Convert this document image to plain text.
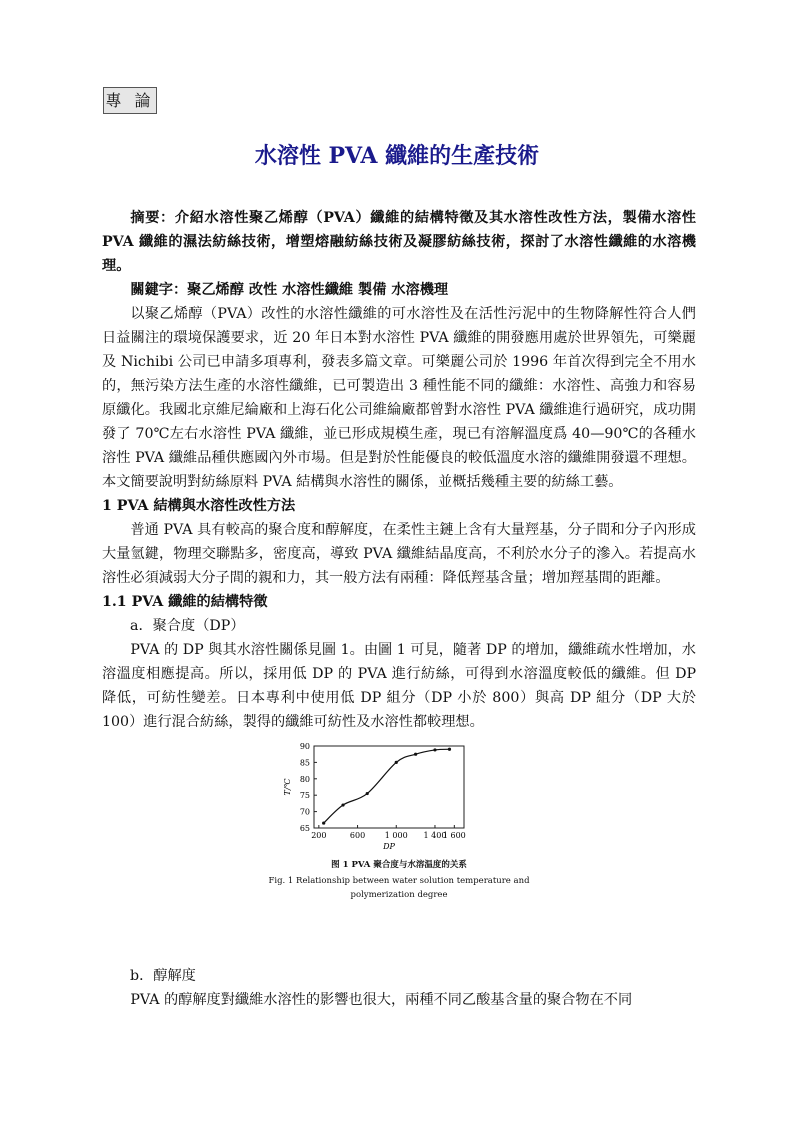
專 論
水溶性 PVA 纖維的生產技術

摘要：介紹水溶性聚乙烯醇（PVA）纖維的結構特徵及其水溶性改性方法，製備水溶性 PVA 纖維的濕法紡絲技術，增塑熔融紡絲技術及凝膠紡絲技術，探討了水溶性纖維的水溶機理。

關鍵字：聚乙烯醇 改性 水溶性纖維 製備 水溶機理

以聚乙烯醇（PVA）改性的水溶性纖維的可水溶性及在活性污泥中的生物降解性符合人們日益關注的環境保護要求，近 20 年日本對水溶性 PVA 纖維的開發應用處於世界領先，可樂麗及 Nichibi 公司已申請多項專利，發表多篇文章。可樂麗公司於 1996 年首次得到完全不用水的，無污染方法生產的水溶性纖維，已可製造出 3 種性能不同的纖維：水溶性、高強力和容易原纖化。我國北京維尼綸廠和上海石化公司維綸廠都曾對水溶性 PVA 纖維進行過研究，成功開發了 70℃左右水溶性 PVA 纖維，並已形成規模生產，現已有溶解溫度爲 40—90℃的各種水溶性 PVA 纖維品種供應國內外市場。但是對於性能優良的較低溫度水溶的纖維開發還不理想。本文簡要說明對紡絲原料 PVA 結構與水溶性的關係，並概括幾種主要的紡絲工藝。

1 PVA 結構與水溶性改性方法

普通 PVA 具有較高的聚合度和醇解度，在柔性主鏈上含有大量羥基，分子間和分子內形成大量氫鍵，物理交聯點多，密度高，導致 PVA 纖維結晶度高，不利於水分子的滲入。若提高水溶性必須減弱大分子間的親和力，其一般方法有兩種：降低羥基含量；增加羥基間的距離。

1.1 PVA 纖維的結構特徵

a．聚合度（DP）

PVA 的 DP 與其水溶性關係見圖 1。由圖 1 可見，隨著 DP 的增加，纖維疏水性增加，水溶溫度相應提高。所以，採用低 DP 的 PVA 進行紡絲，可得到水溶溫度較低的纖維。但 DP 降低，可紡性變差。日本專利中使用低 DP 組分（DP 小於 800）與高 DP 組分（DP 大於 100）進行混合紡絲，製得的纖維可紡性及水溶性都較理想。

65
70
75
80
85
90
200	600 1 000 1 400
1 600
T/℃
DP
图 1 PVA 聚合度与水溶温度的关系
Fig. 1 Relationship between water solution temperature and
polymerization degree

b．醇解度

PVA 的醇解度對纖維水溶性的影響也很大，兩種不同乙酸基含量的聚合物在不同
